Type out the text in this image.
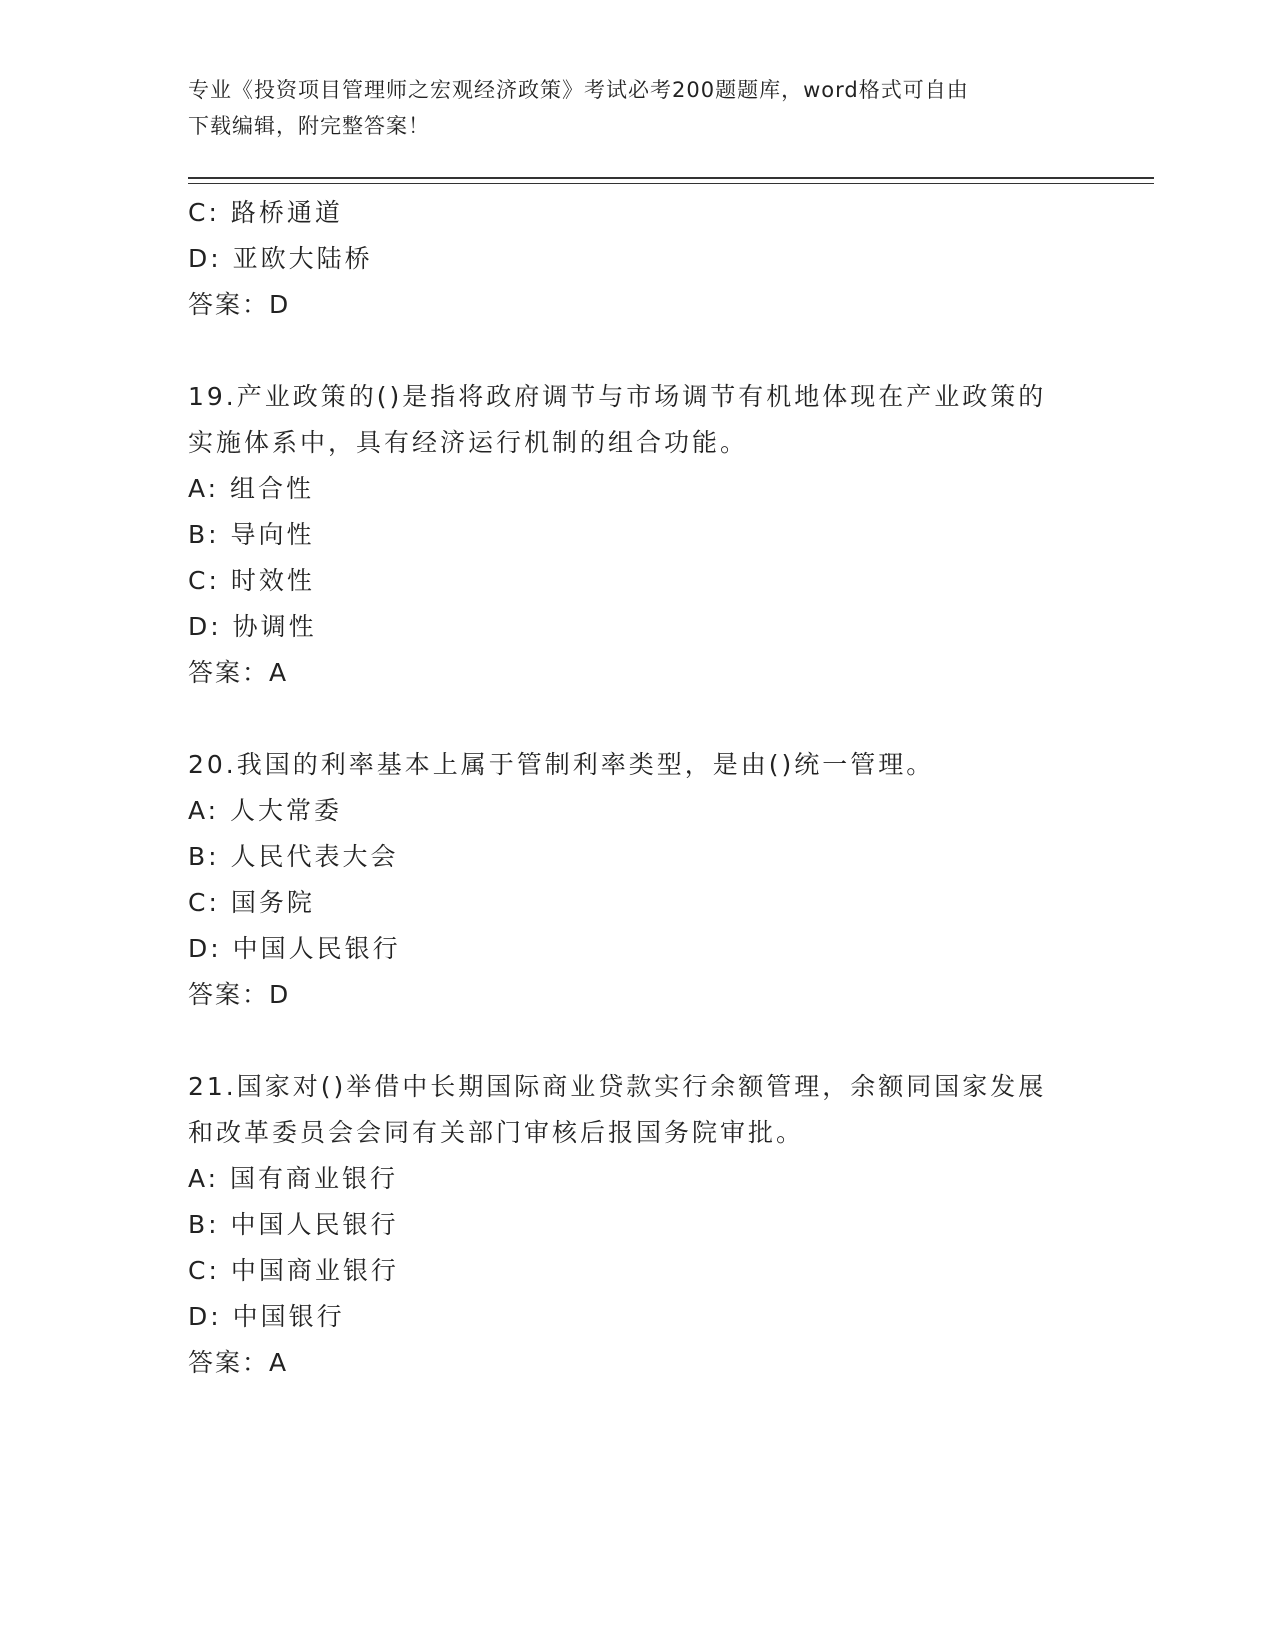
专业《投资项目管理师之宏观经济政策》考试必考200题题库，word格式可自由
下载编辑，附完整答案！
C: 路桥通道
D: 亚欧大陆桥
答案：D
19.产业政策的()是指将政府调节与市场调节有机地体现在产业政策的
实施体系中，具有经济运行机制的组合功能。
A: 组合性
B: 导向性
C: 时效性
D: 协调性
答案：A
20.我国的利率基本上属于管制利率类型，是由()统一管理。
A: 人大常委
B: 人民代表大会
C: 国务院
D: 中国人民银行
答案：D
21.国家对()举借中长期国际商业贷款实行余额管理，余额同国家发展
和改革委员会会同有关部门审核后报国务院审批。
A: 国有商业银行
B: 中国人民银行
C: 中国商业银行
D: 中国银行
答案：A
